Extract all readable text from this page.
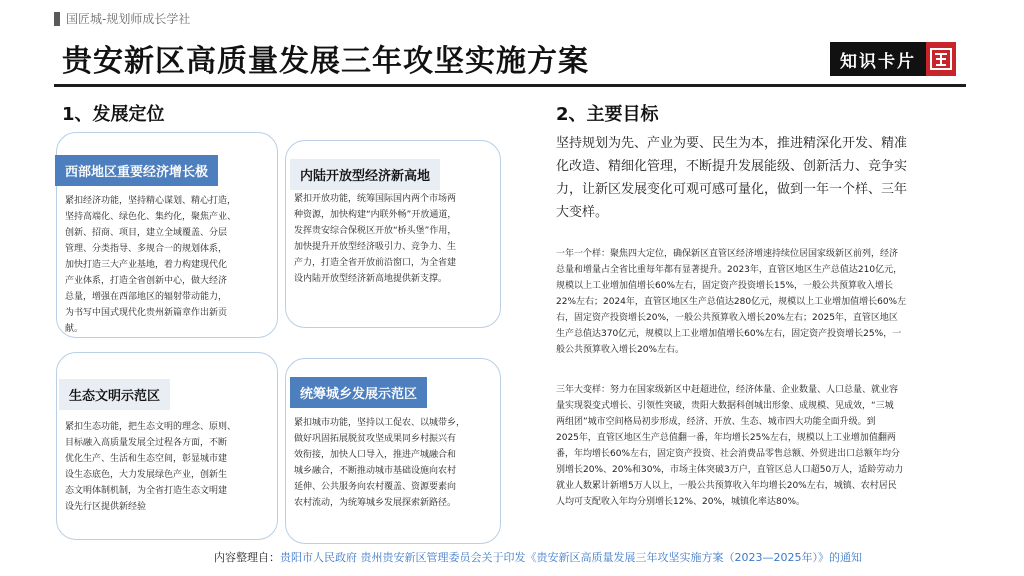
国匠城-规划师成长学社
贵安新区高质量发展三年攻坚实施方案	知识卡片
1、发展定位
西部地区重要经济增长极
紧扣经济功能，坚持精心谋划、精心打造，
坚持高端化、绿色化、集约化，聚焦产业、
创新、招商、项目，建立全域覆盖、分层
管理、分类指导、多规合一的规划体系，
加快打造三大产业基地，着力构建现代化
产业体系，打造全省创新中心，做大经济
总量，增强在西部地区的辐射带动能力，
为书写中国式现代化贵州新篇章作出新贡
献。
内陆开放型经济新高地
紧扣开放功能，统筹国际国内两个市场两
种资源，加快构建“内联外畅”开放通道，
发挥贵安综合保税区开放“桥头堡”作用，
加快提升开放型经济吸引力、竞争力、生
产力，打造全省开放前沿窗口，为全省建
设内陆开放型经济新高地提供新支撑。
生态文明示范区
紧扣生态功能，把生态文明的理念、原则、
目标融入高质量发展全过程各方面，不断
优化生产、生活和生态空间，彰显城市建
设生态底色，大力发展绿色产业，创新生
态文明体制机制，为全省打造生态文明建
设先行区提供新经验
统筹城乡发展示范区
紧扣城市功能，坚持以工促农、以城带乡，
做好巩固拓展脱贫攻坚成果同乡村振兴有
效衔接，加快人口导入，推进产城融合和
城乡融合，不断推动城市基础设施向农村
延伸、公共服务向农村覆盖、资源要素向
农村流动，为统筹城乡发展探索新路径。
2、主要目标
坚持规划为先、产业为要、民生为本，推进精深化开发、精准
化改造、精细化管理，不断提升发展能级、创新活力、竞争实
力，让新区发展变化可观可感可量化，做到一年一个样、三年
大变样。
一年一个样：聚焦四大定位，确保新区直管区经济增速持续位居国家级新区前列，经济
总量和增量占全省比重每年都有显著提升。2023年，直管区地区生产总值达210亿元，
规模以上工业增加值增长60%左右，固定资产投资增长15%，一般公共预算收入增长
22%左右；2024年，直管区地区生产总值达280亿元，规模以上工业增加值增长60%左
右，固定资产投资增长20%，一般公共预算收入增长20%左右；2025年，直管区地区
生产总值达370亿元，规模以上工业增加值增长60%左右，固定资产投资增长25%，一
般公共预算收入增长20%左右。
三年大变样：努力在国家级新区中赶超进位，经济体量、企业数量、人口总量、就业容
量实现裂变式增长、引领性突破，贵阳大数据科创城出形象、成规模、见成效，“三城
两组团”城市空间格局初步形成，经济、开放、生态、城市四大功能全面升级。到
2025年，直管区地区生产总值翻一番，年均增长25%左右，规模以上工业增加值翻两
番，年均增长60%左右，固定资产投资、社会消费品零售总额、外贸进出口总额年均分
别增长20%、20%和30%，市场主体突破3万户，直管区总人口超50万人，适龄劳动力
就业人数累计新增5万人以上，一般公共预算收入年均增长20%左右，城镇、农村居民
人均可支配收入年均分别增长12%、20%，城镇化率达80%。
内容整理自：贵阳市人民政府 贵州贵安新区管理委员会关于印发《贵安新区高质量发展三年攻坚实施方案（2023—2025年）》的通知
